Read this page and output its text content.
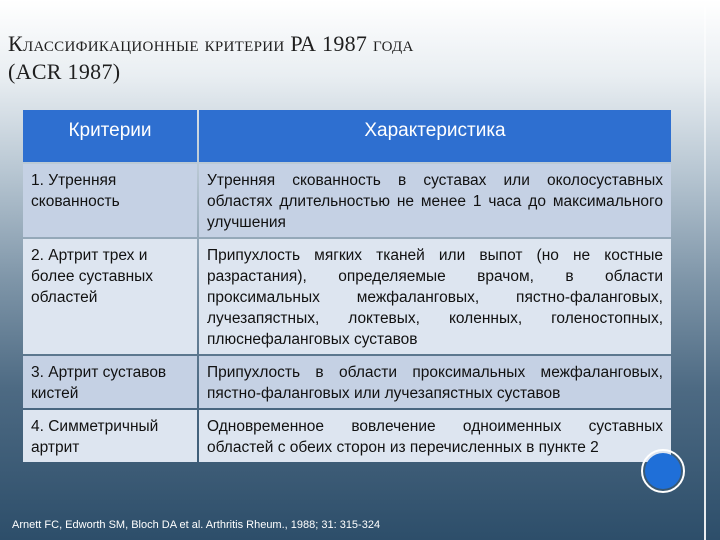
Классификационные критерии РА 1987 года
(ACR 1987)
Критерии	Характеристика
1. Утренняя скованность	Утренняя скованность в суставах или околосуставных областях длительностью не менее 1 часа до максимального улучшения
2. Артрит трех и более суставных областей	Припухлость мягких тканей или выпот (но не костные разрастания), определяемые врачом, в области проксимальных межфаланговых, пястно-фаланговых, лучезапястных, локтевых, коленных, голеностопных, плюснефаланговых суставов
3. Артрит суставов кистей	Припухлость в области проксимальных межфаланговых, пястно-фаланговых или лучезапястных суставов
4. Симметричный артрит	Одновременное вовлечение одноименных суставных областей с обеих сторон из перечисленных в пункте 2
Arnett FC, Edworth SM, Bloch DA et al. Arthritis Rheum., 1988; 31: 315-324
